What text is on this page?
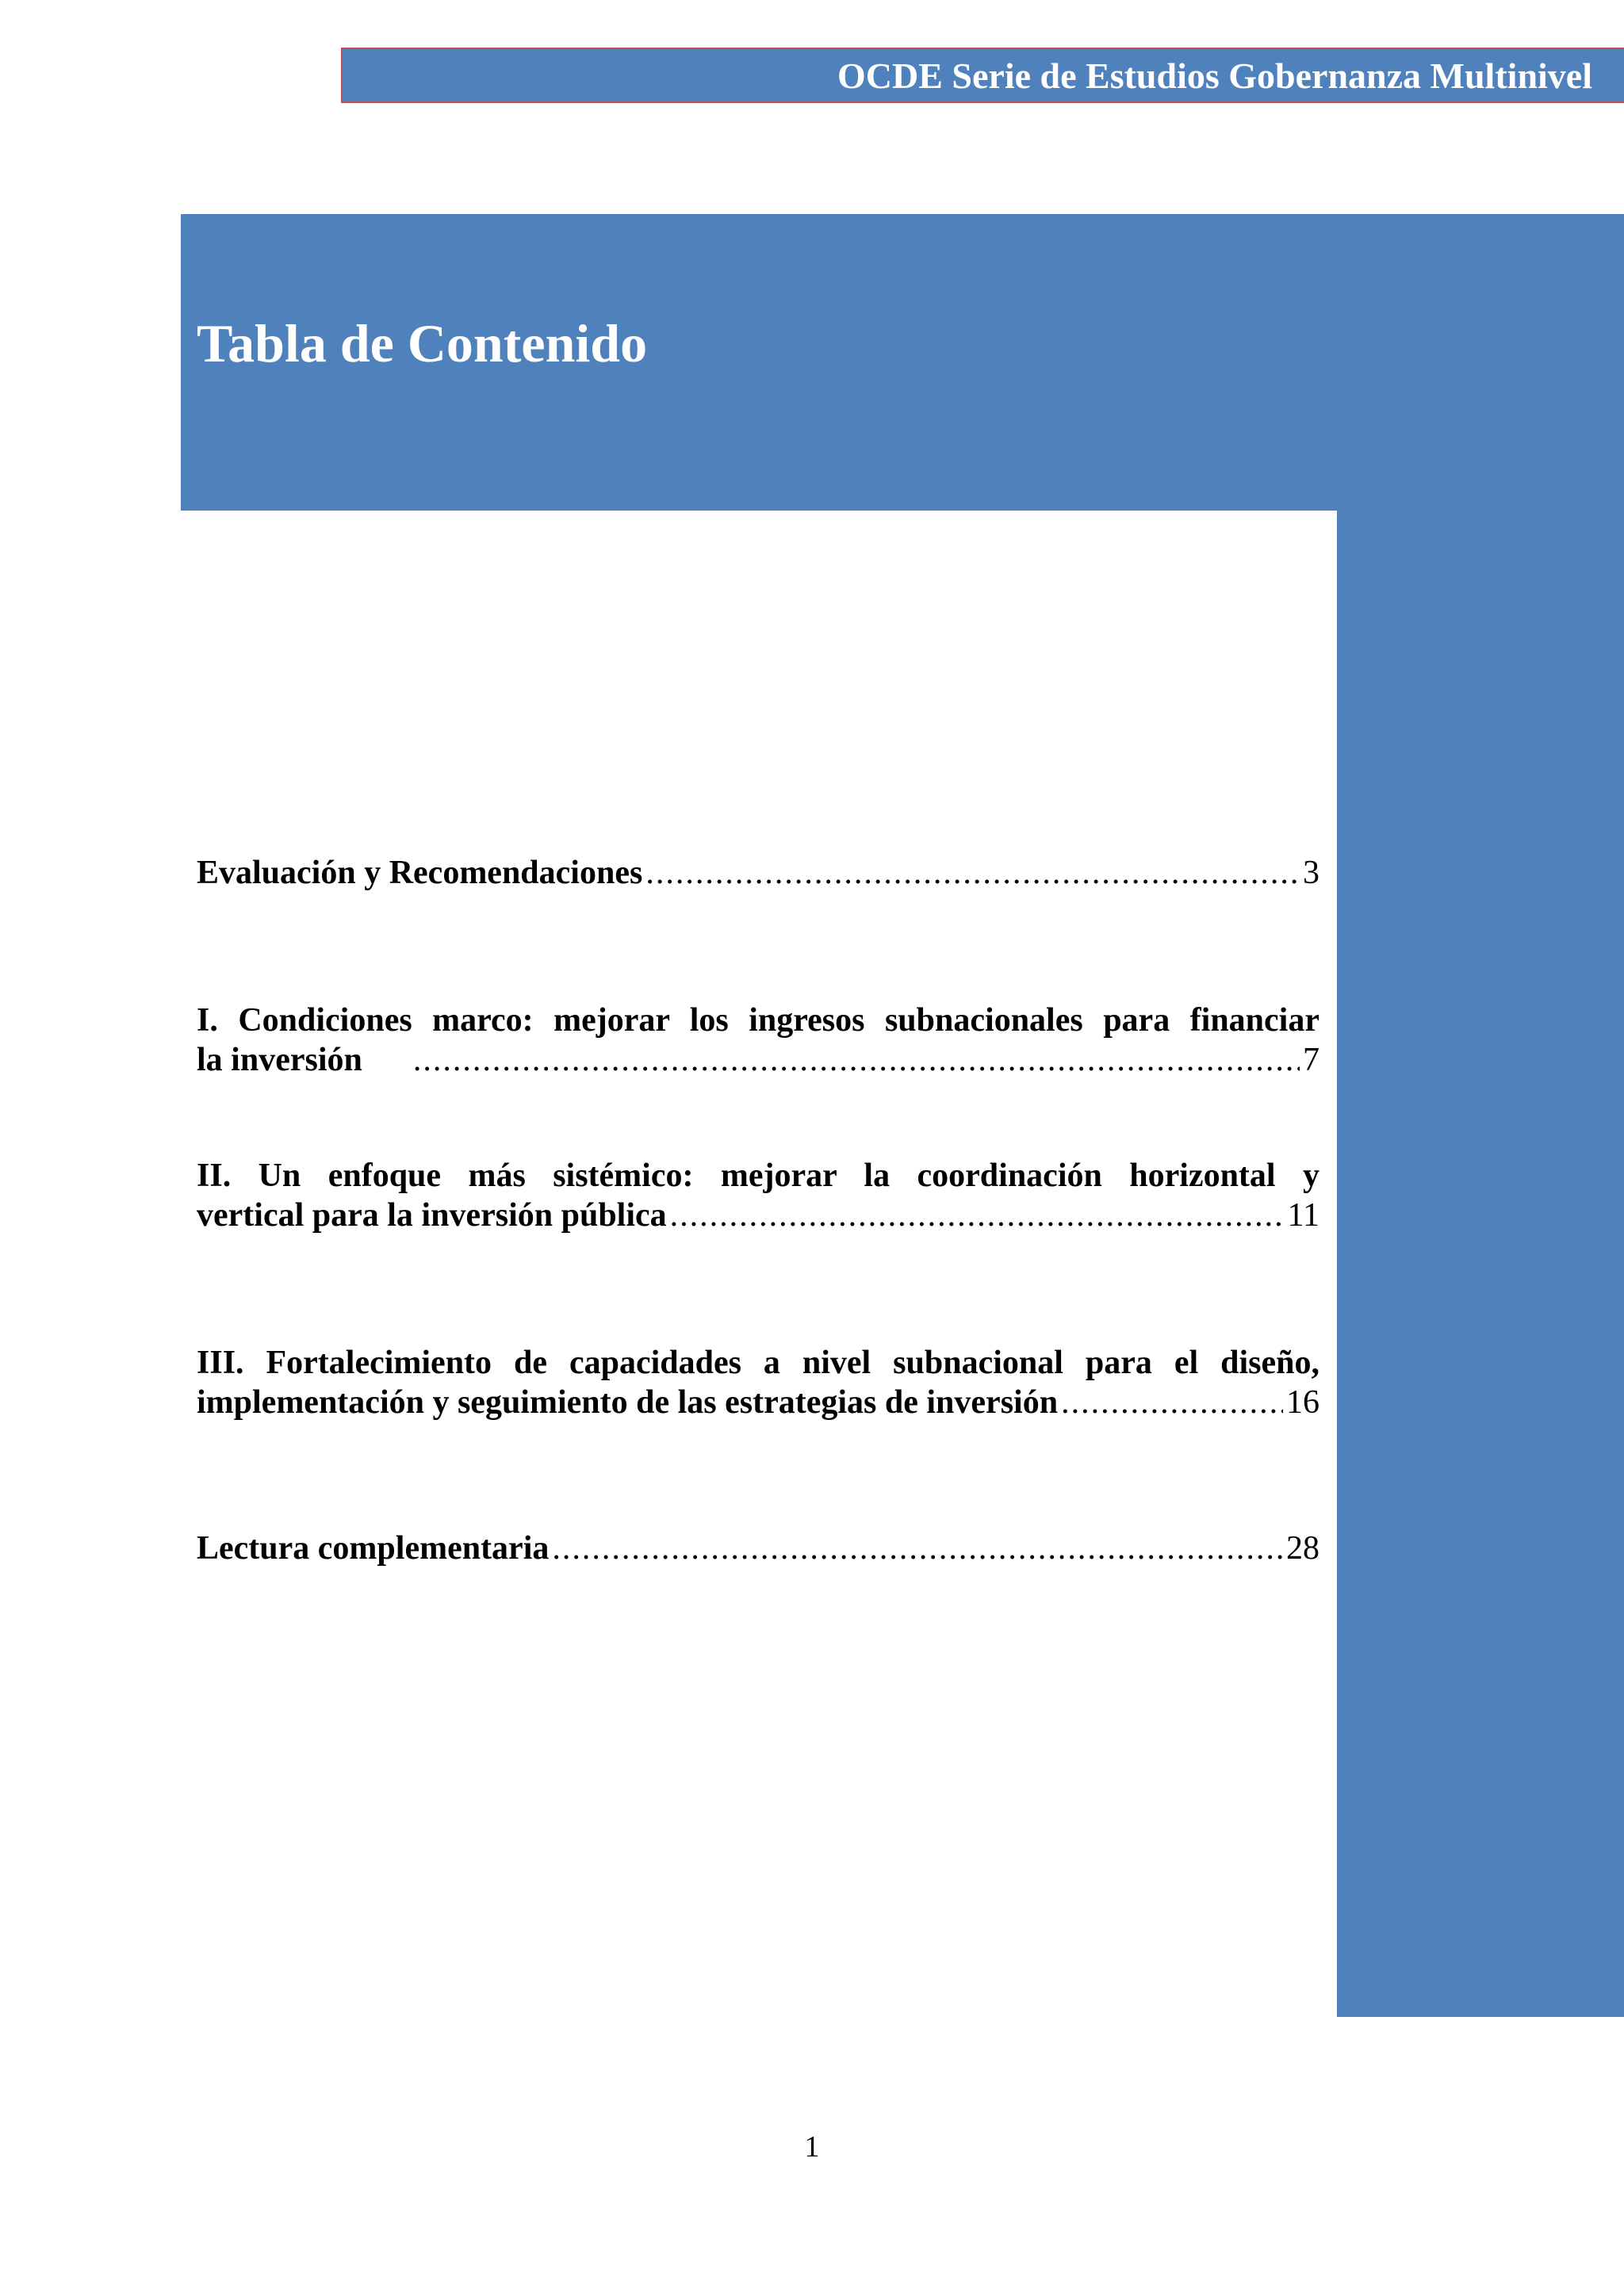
OCDE Serie de Estudios Gobernanza Multinivel
Tabla de Contenido
Evaluación y Recomendaciones .....	3
I. Condiciones marco: mejorar los ingresos subnacionales para financiar
la inversión .....	7
II. Un enfoque más sistémico: mejorar la coordinación horizontal y
vertical para la inversión pública .....	11
III. Fortalecimiento de capacidades a nivel subnacional para el diseño,
implementación y seguimiento de las estrategias de inversión .....	16
Lectura complementaria .....	28
1
